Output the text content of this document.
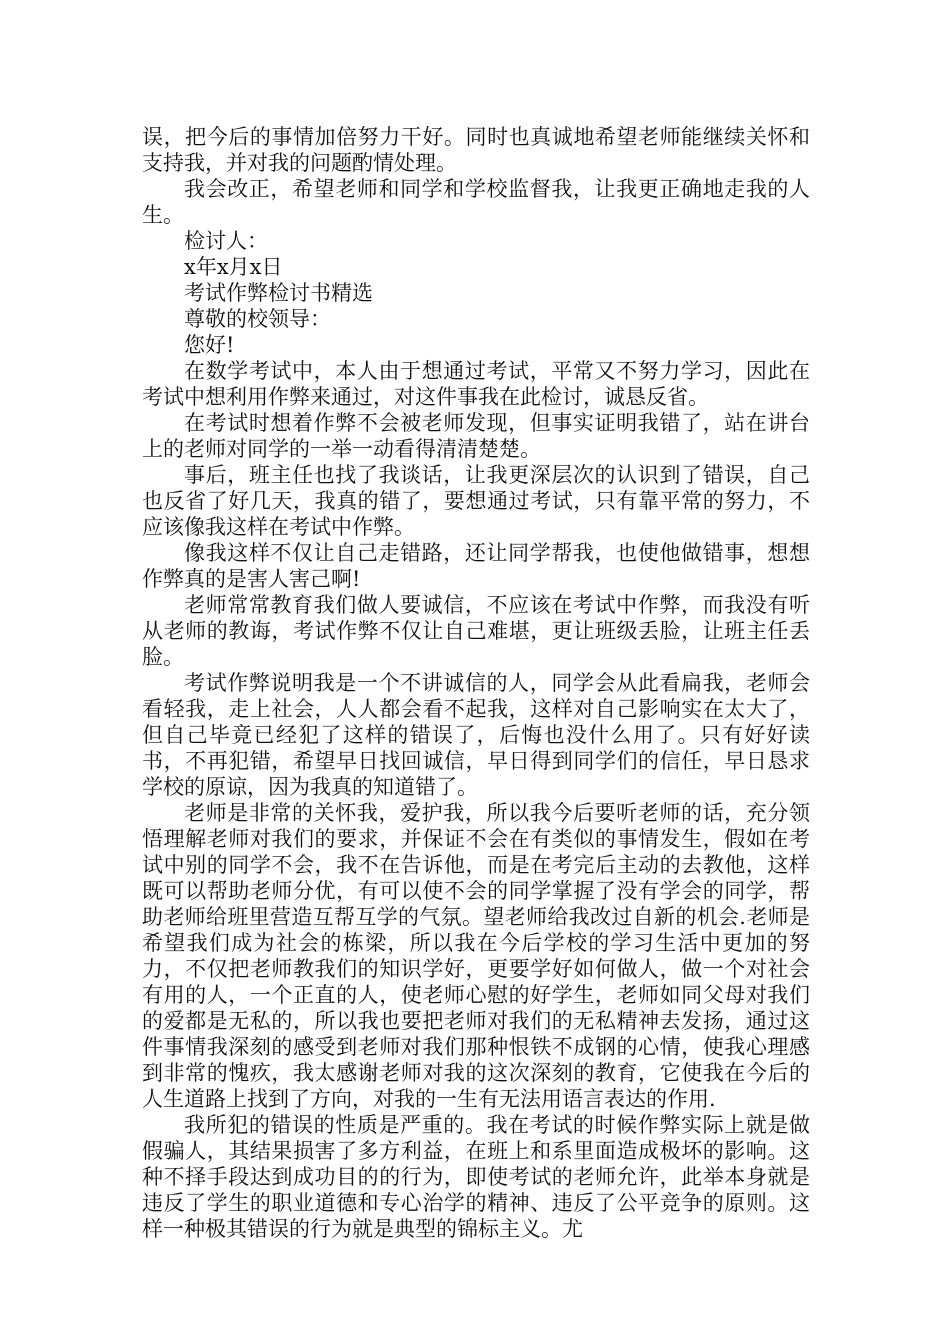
误，把今后的事情加倍努力干好。同时也真诚地希望老师能继续关怀和支持我，并对我的问题酌情处理。

我会改正，希望老师和同学和学校监督我，让我更正确地走我的人生。

检讨人：

x年x月x日

考试作弊检讨书精选

尊敬的校领导：

您好!

在数学考试中，本人由于想通过考试，平常又不努力学习，因此在考试中想利用作弊来通过，对这件事我在此检讨，诚恳反省。

在考试时想着作弊不会被老师发现，但事实证明我错了，站在讲台上的老师对同学的一举一动看得清清楚楚。

事后，班主任也找了我谈话，让我更深层次的认识到了错误，自己也反省了好几天，我真的错了，要想通过考试，只有靠平常的努力，不应该像我这样在考试中作弊。

像我这样不仅让自己走错路，还让同学帮我，也使他做错事，想想作弊真的是害人害己啊!

老师常常教育我们做人要诚信，不应该在考试中作弊，而我没有听从老师的教诲，考试作弊不仅让自己难堪，更让班级丢脸，让班主任丢脸。

考试作弊说明我是一个不讲诚信的人，同学会从此看扁我，老师会看轻我，走上社会，人人都会看不起我，这样对自己影响实在太大了，但自己毕竟已经犯了这样的错误了，后悔也没什么用了。只有好好读书，不再犯错，希望早日找回诚信，早日得到同学们的信任，早日恳求学校的原谅，因为我真的知道错了。

老师是非常的关怀我，爱护我，所以我今后要听老师的话，充分领悟理解老师对我们的要求，并保证不会在有类似的事情发生，假如在考试中别的同学不会，我不在告诉他，而是在考完后主动的去教他，这样既可以帮助老师分优，有可以使不会的同学掌握了没有学会的同学，帮助老师给班里营造互帮互学的气氛。望老师给我改过自新的机会.老师是希望我们成为社会的栋梁，所以我在今后学校的学习生活中更加的努力，不仅把老师教我们的知识学好，更要学好如何做人，做一个对社会有用的人，一个正直的人，使老师心慰的好学生，老师如同父母对我们的爱都是无私的，所以我也要把老师对我们的无私精神去发扬，通过这件事情我深刻的感受到老师对我们那种恨铁不成钢的心情，使我心理感到非常的愧疚，我太感谢老师对我的这次深刻的教育，它使我在今后的人生道路上找到了方向，对我的一生有无法用语言表达的作用.

我所犯的错误的性质是严重的。我在考试的时候作弊实际上就是做假骗人，其结果损害了多方利益，在班上和系里面造成极坏的影响。这种不择手段达到成功目的的行为，即使考试的老师允许，此举本身就是违反了学生的职业道德和专心治学的精神、违反了公平竞争的原则。这样一种极其错误的行为就是典型的锦标主义。尤
